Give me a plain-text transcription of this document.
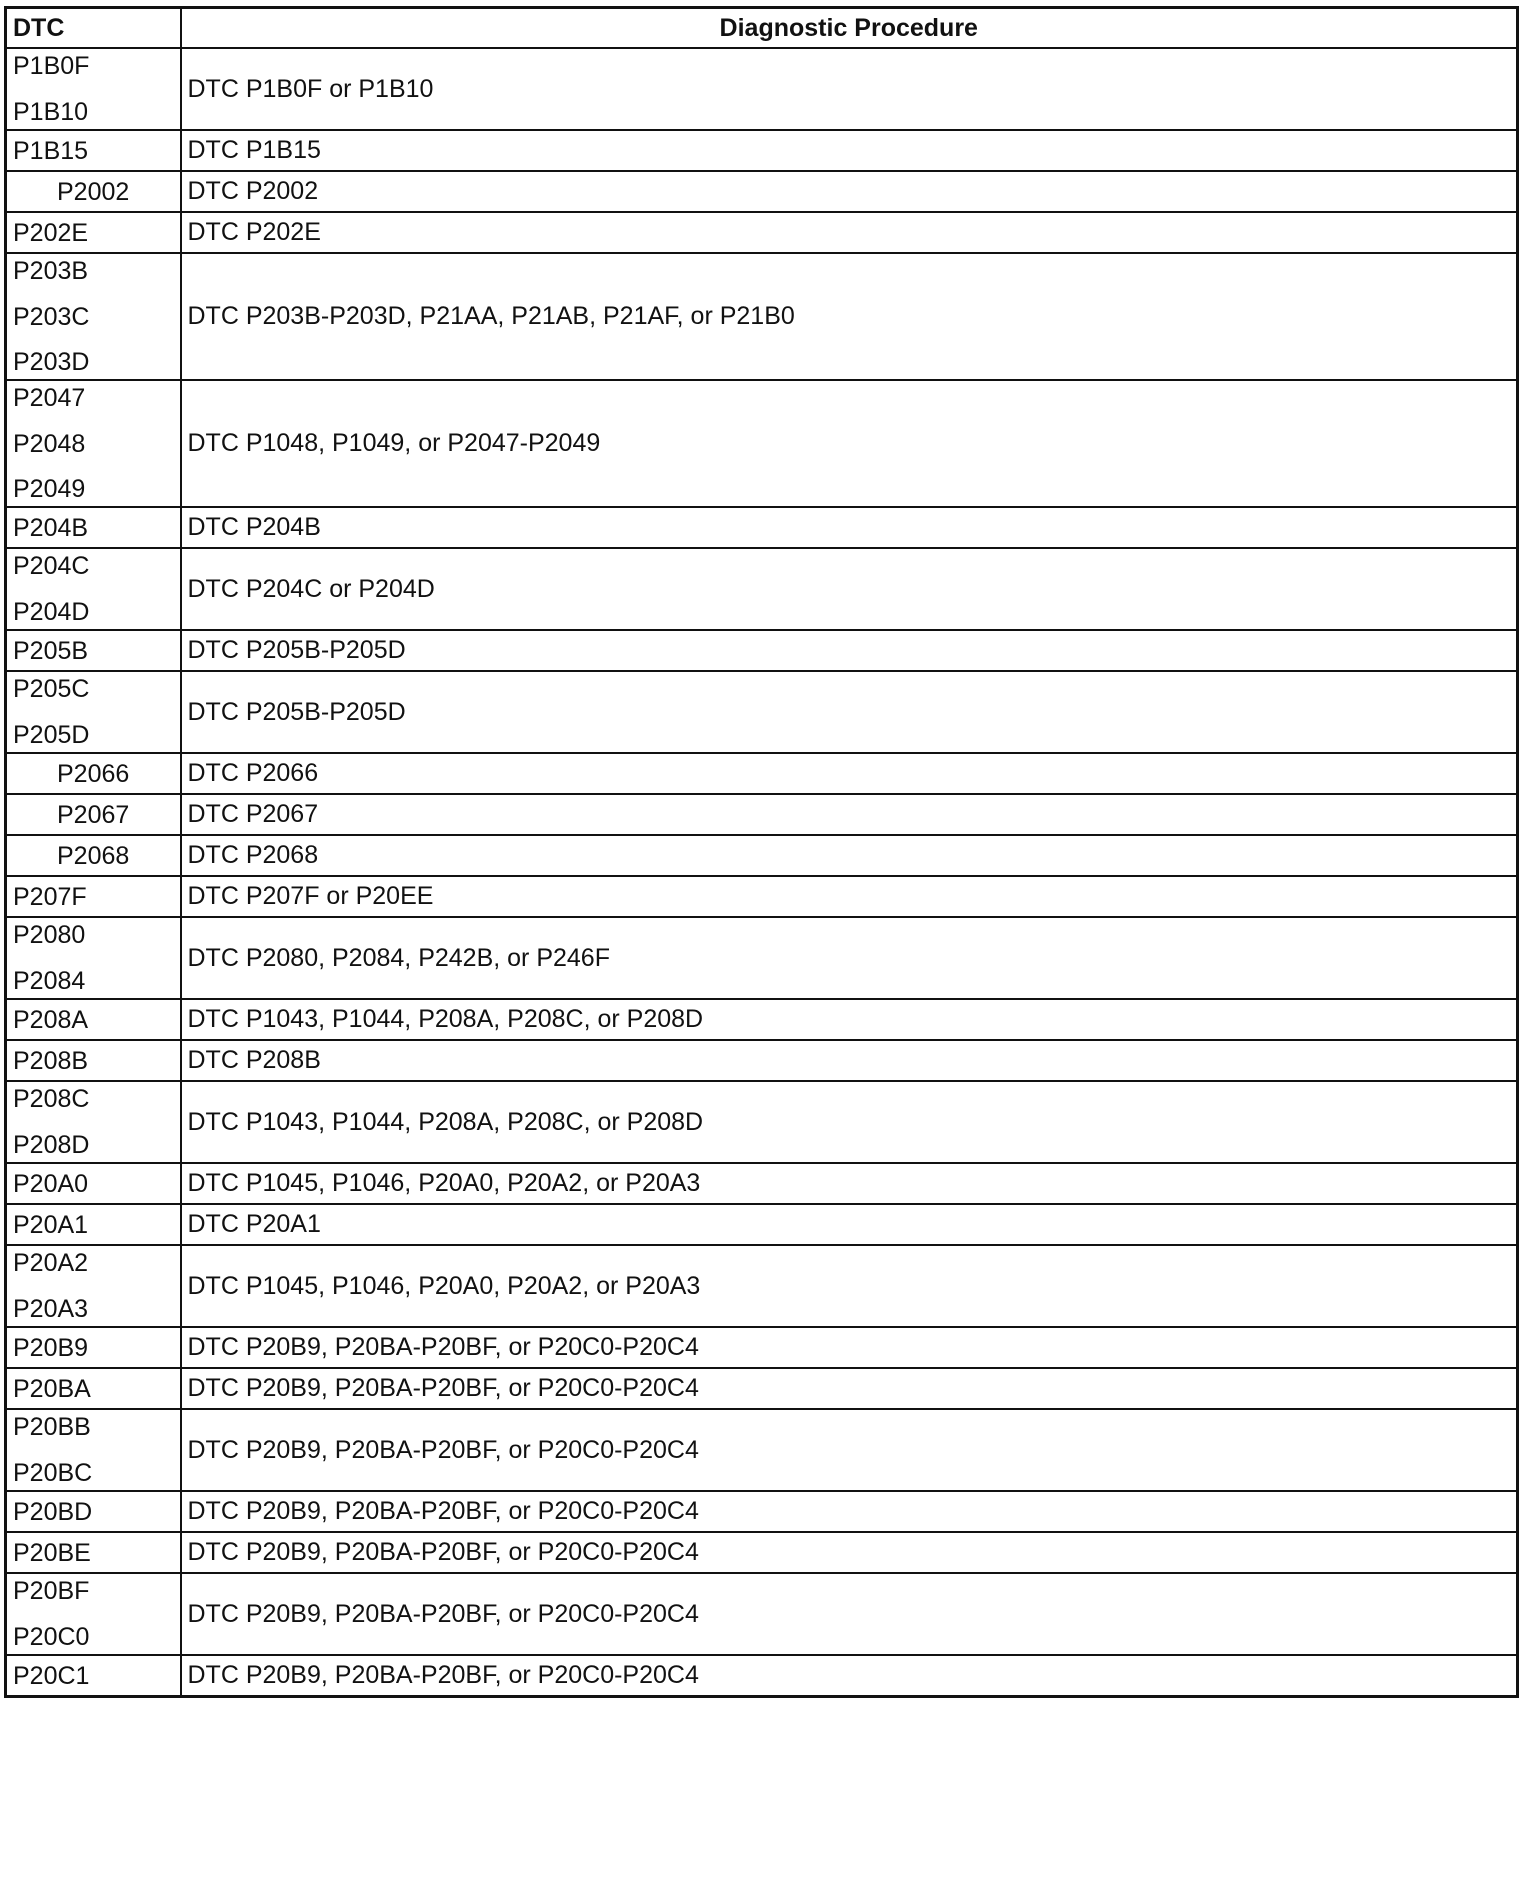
DTC	Diagnostic Procedure

P1B0F
P1B10	DTC P1B0F or P1B10

P1B15	DTC P1B15

P2002	DTC P2002

P202E	DTC P202E

P203B
P203C
P203D	DTC P203B-P203D, P21AA, P21AB, P21AF, or P21B0

P2047
P2048
P2049	DTC P1048, P1049, or P2047-P2049

P204B	DTC P204B

P204C
P204D	DTC P204C or P204D

P205B	DTC P205B-P205D

P205C
P205D	DTC P205B-P205D

P2066	DTC P2066

P2067	DTC P2067

P2068	DTC P2068

P207F	DTC P207F or P20EE

P2080
P2084	DTC P2080, P2084, P242B, or P246F

P208A	DTC P1043, P1044, P208A, P208C, or P208D

P208B	DTC P208B

P208C
P208D	DTC P1043, P1044, P208A, P208C, or P208D

P20A0	DTC P1045, P1046, P20A0, P20A2, or P20A3

P20A1	DTC P20A1

P20A2
P20A3	DTC P1045, P1046, P20A0, P20A2, or P20A3

P20B9	DTC P20B9, P20BA-P20BF, or P20C0-P20C4

P20BA	DTC P20B9, P20BA-P20BF, or P20C0-P20C4

P20BB
P20BC	DTC P20B9, P20BA-P20BF, or P20C0-P20C4

P20BD	DTC P20B9, P20BA-P20BF, or P20C0-P20C4

P20BE	DTC P20B9, P20BA-P20BF, or P20C0-P20C4

P20BF
P20C0	DTC P20B9, P20BA-P20BF, or P20C0-P20C4

P20C1	DTC P20B9, P20BA-P20BF, or P20C0-P20C4
